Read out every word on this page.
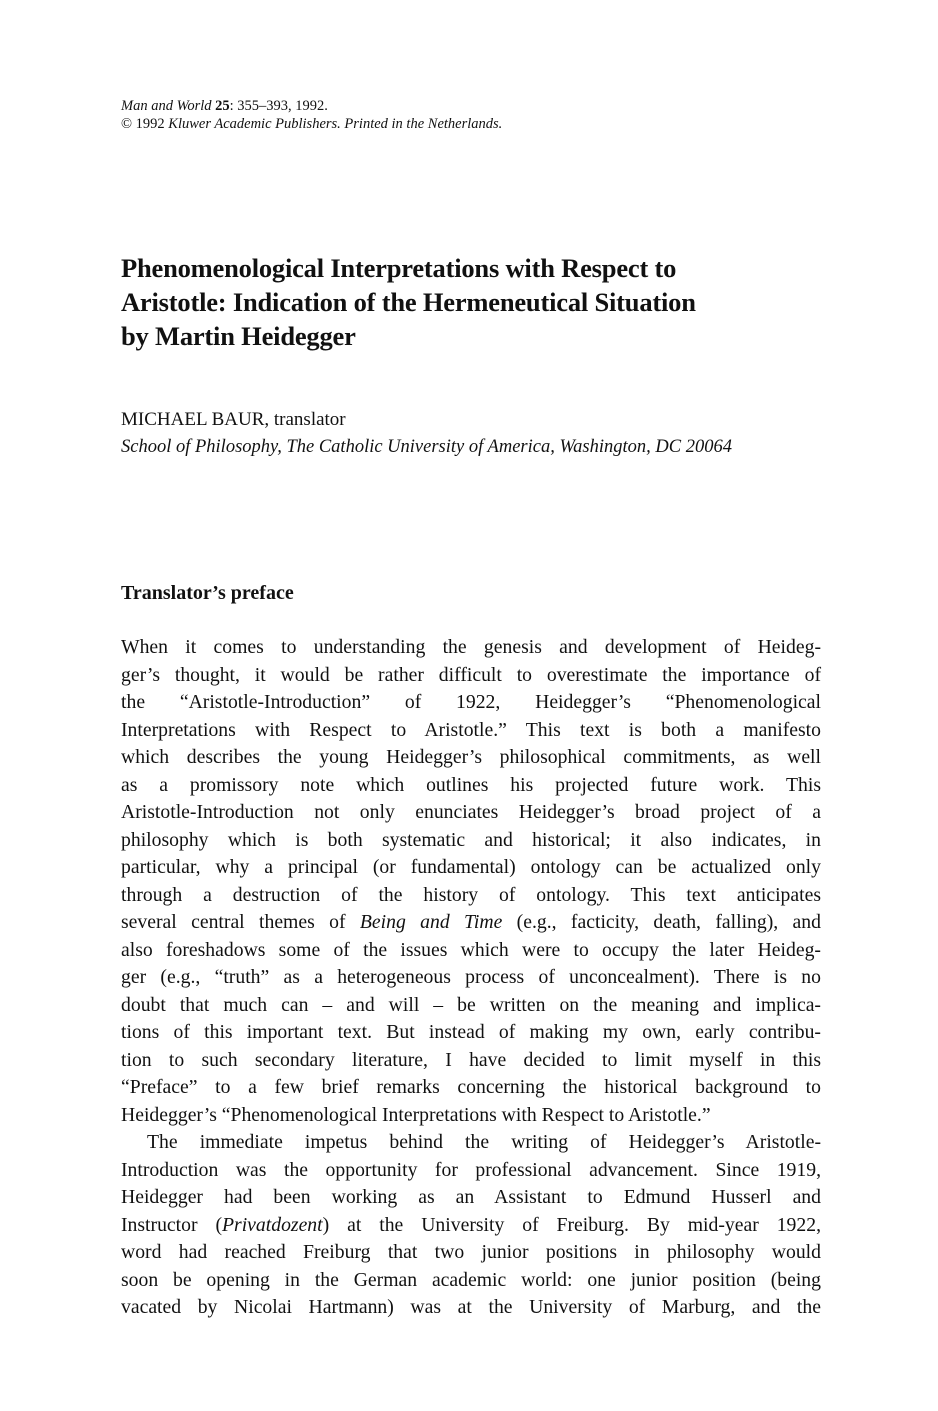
Man and World 25: 355–393, 1992.
© 1992 Kluwer Academic Publishers. Printed in the Netherlands.
Phenomenological Interpretations with Respect to
Aristotle: Indication of the Hermeneutical Situation
by Martin Heidegger

MICHAEL BAUR, translator

School of Philosophy, The Catholic University of America, Washington, DC 20064

Translator’s preface
When it comes to understanding the genesis and development of Heideg-
ger’s thought, it would be rather difficult to overestimate the importance of
the “Aristotle-Introduction” of 1922, Heidegger’s “Phenomenological
Interpretations with Respect to Aristotle.” This text is both a manifesto
which describes the young Heidegger’s philosophical commitments, as well
as a promissory note which outlines his projected future work. This
Aristotle-Introduction not only enunciates Heidegger’s broad project of a
philosophy which is both systematic and historical; it also indicates, in
particular, why a principal (or fundamental) ontology can be actualized only
through a destruction of the history of ontology. This text anticipates
several central themes of Being and Time (e.g., facticity, death, falling), and
also foreshadows some of the issues which were to occupy the later Heideg-
ger (e.g., “truth” as a heterogeneous process of unconcealment). There is no
doubt that much can – and will – be written on the meaning and implica-
tions of this important text. But instead of making my own, early contribu-
tion to such secondary literature, I have decided to limit myself in this
“Preface” to a few brief remarks concerning the historical background to
Heidegger’s “Phenomenological Interpretations with Respect to Aristotle.”
The immediate impetus behind the writing of Heidegger’s Aristotle-
Introduction was the opportunity for professional advancement. Since 1919,
Heidegger had been working as an Assistant to Edmund Husserl and
Instructor (Privatdozent) at the University of Freiburg. By mid-year 1922,
word had reached Freiburg that two junior positions in philosophy would
soon be opening in the German academic world: one junior position (being
vacated by Nicolai Hartmann) was at the University of Marburg, and the
